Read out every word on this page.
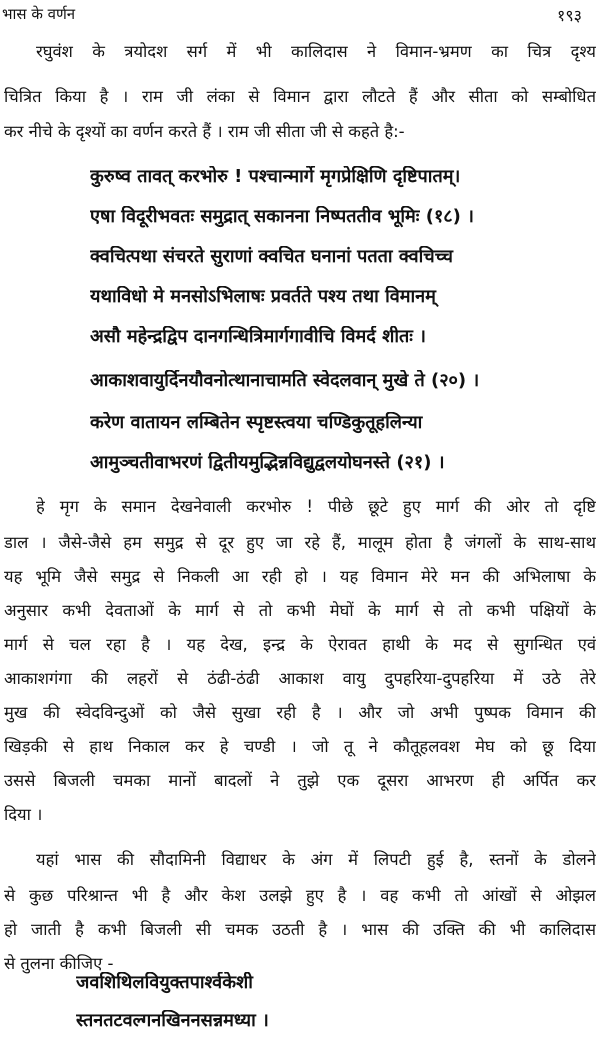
भास के वर्णन	१९३
रघुवंश के त्रयोदश सर्ग में भी कालिदास ने विमान-भ्रमण का चित्र दृश्य
चित्रित किया है । राम जी लंका से विमान द्वारा लौटते हैं और सीता को सम्बोधित
कर नीचे के दृश्यों का वर्णन करते हैं । राम जी सीता जी से कहते है:-
कुरुष्व तावत् करभोरु ! पश्चान्मार्गे मृगप्रेक्षिणि दृष्टिपातम्।
एषा विदूरीभवतः समुद्रात् सकानना निष्पततीव भूमिः (१८) ।
क्वचित्पथा संचरते सुराणां क्वचित घनानां पतता क्वचिच्च
यथाविधो मे मनसोऽभिलाषः प्रवर्तते पश्य तथा विमानम्
असौ महेन्द्रद्विप दानगन्धित्रिमार्गगावीचि विमर्द शीतः ।
आकाशवायुर्दिनयौवनोत्थानाचामति स्वेदलवान् मुखे ते (२०) ।
करेण वातायन लम्बितेन स्पृष्टस्त्वया चण्डिकुतूहलिन्या
आमुञ्चतीवाभरणं द्वितीयमुद्भिन्नविद्युद्वलयोघनस्ते (२१) ।
हे मृग के समान देखनेवाली करभोरु ! पीछे छूटे हुए मार्ग की ओर तो दृष्टि
डाल । जैसे-जैसे हम समुद्र से दूर हुए जा रहे हैं, मालूम होता है जंगलों के साथ-साथ
यह भूमि जैसे समुद्र से निकली आ रही हो । यह विमान मेरे मन की अभिलाषा के
अनुसार कभी देवताओं के मार्ग से तो कभी मेघों के मार्ग से तो कभी पक्षियों के
मार्ग से चल रहा है । यह देख, इन्द्र के ऐरावत हाथी के मद से सुगन्धित एवं
आकाशगंगा की लहरों से ठंढी-ठंढी आकाश वायु दुपहरिया-दुपहरिया में उठे तेरे
मुख की स्वेदविन्दुओं को जैसे सुखा रही है । और जो अभी पुष्पक विमान की
खिड़की से हाथ निकाल कर हे चण्डी । जो तू ने कौतूहलवश मेघ को छू दिया
उससे बिजली चमका मानों बादलों ने तुझे एक दूसरा आभरण ही अर्पित कर
दिया ।
यहां भास की सौदामिनी विद्याधर के अंग में लिपटी हुई है, स्तनों के डोलने
से कुछ परिश्रान्त भी है और केश उलझे हुए है । वह कभी तो आंखों से ओझल
हो जाती है कभी बिजली सी चमक उठती है । भास की उक्ति की भी कालिदास
से तुलना कीजिए -
जवशिथिलवियुक्तपार्श्वकेशी
स्तनतटवल्गनखिननसन्नमध्या ।
